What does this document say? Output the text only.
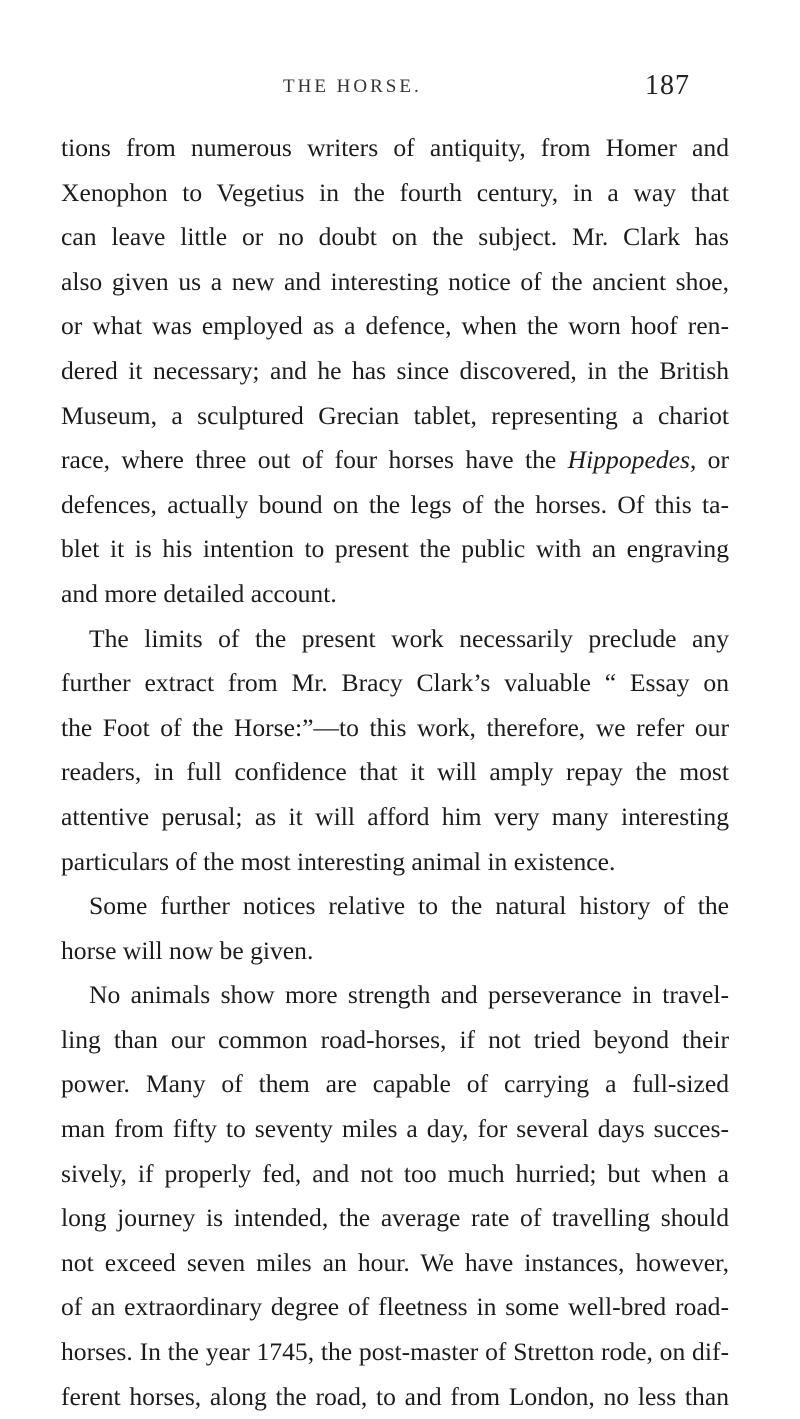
THE HORSE.	187
tions from numerous writers of antiquity, from Homer and
Xenophon to Vegetius in the fourth century, in a way that
can leave little or no doubt on the subject. Mr. Clark has
also given us a new and interesting notice of the ancient shoe,
or what was employed as a defence, when the worn hoof ren-
dered it necessary; and he has since discovered, in the British
Museum, a sculptured Grecian tablet, representing a chariot
race, where three out of four horses have the Hippopedes, or
defences, actually bound on the legs of the horses. Of this ta-
blet it is his intention to present the public with an engraving
and more detailed account.
The limits of the present work necessarily preclude any
further extract from Mr. Bracy Clark’s valuable “ Essay on
the Foot of the Horse:”—to this work, therefore, we refer our
readers, in full confidence that it will amply repay the most
attentive perusal; as it will afford him very many interesting
particulars of the most interesting animal in existence.
Some further notices relative to the natural history of the
horse will now be given.
No animals show more strength and perseverance in travel-
ling than our common road-horses, if not tried beyond their
power. Many of them are capable of carrying a full-sized
man from fifty to seventy miles a day, for several days succes-
sively, if properly fed, and not too much hurried; but when a
long journey is intended, the average rate of travelling should
not exceed seven miles an hour. We have instances, however,
of an extraordinary degree of fleetness in some well-bred road-
horses. In the year 1745, the post-master of Stretton rode, on dif-
ferent horses, along the road, to and from London, no less than
